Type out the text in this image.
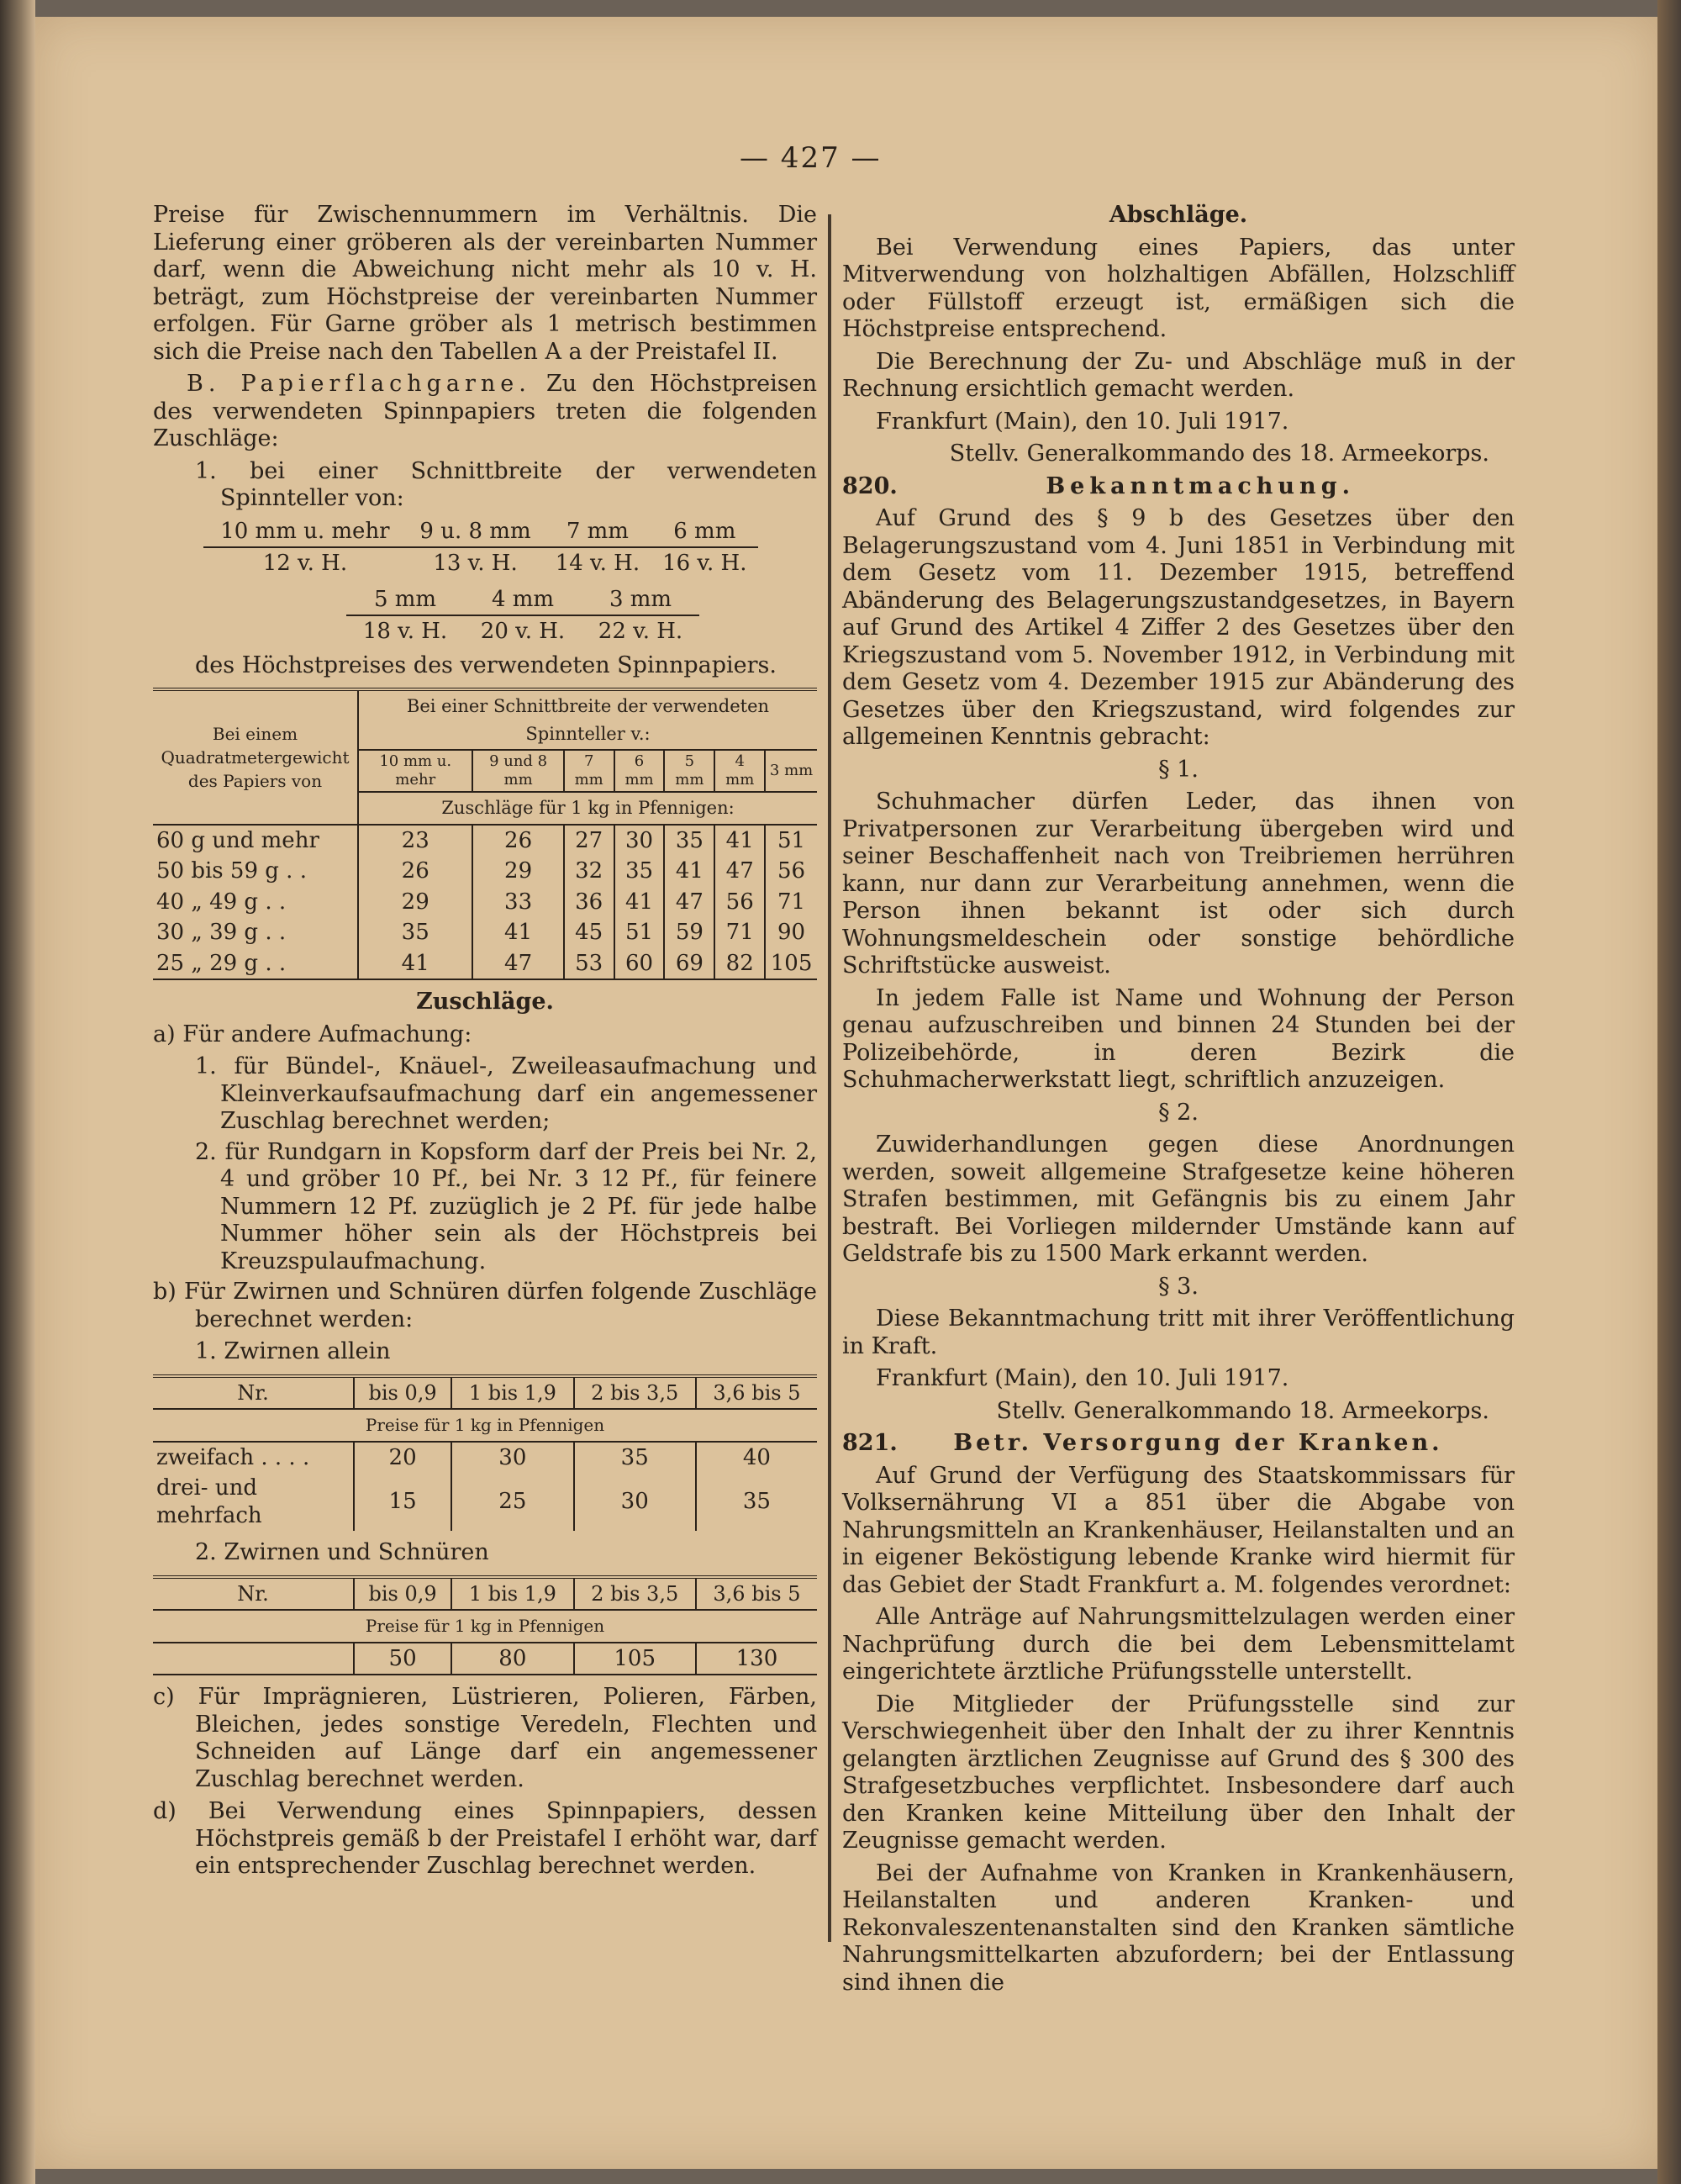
— 427 —

Preise für Zwischennummern im Verhältnis. Die Lieferung einer gröberen als der vereinbarten Nummer darf, wenn die Abweichung nicht mehr als 10 v. H. beträgt, zum Höchstpreise der vereinbarten Nummer erfolgen. Für Garne gröber als 1 metrisch bestimmen sich die Preise nach den Tabellen A a der Preistafel II.

B. Papierflachgarne. Zu den Höchstpreisen des verwendeten Spinnpapiers treten die folgenden Zuschläge:

1. bei einer Schnittbreite der verwendeten Spinnteller von:

10 mm u. mehr	9 u. 8 mm	7 mm	6 mm
12 v. H.	13 v. H.	14 v. H.	16 v. H.
5 mm	4 mm	3 mm
18 v. H.	20 v. H.	22 v. H.

des Höchstpreises des verwendeten Spinnpapiers.

Bei einem Quadratmetergewicht des Papiers von	Bei einer Schnittbreite der verwendeten Spinnteller v.:						
	10 mm u. mehr	9 und 8 mm	7 mm	6 mm	5 mm	4 mm	3 mm
	Zuschläge für 1 kg in Pfennigen:						
60 g und mehr	23	26	27	30	35	41	51
50 bis 59 g . .	26	29	32	35	41	47	56
40 „ 49 g . .	29	33	36	41	47	56	71
30 „ 39 g . .	35	41	45	51	59	71	90
25 „ 29 g . .	41	47	53	60	69	82	105
Zuschläge.

a) Für andere Aufmachung:

1. für Bündel-, Knäuel-, Zweileasaufmachung und Kleinverkaufsaufmachung darf ein angemessener Zuschlag berechnet werden;

2. für Rundgarn in Kopsform darf der Preis bei Nr. 2, 4 und gröber 10 Pf., bei Nr. 3 12 Pf., für feinere Nummern 12 Pf. zuzüglich je 2 Pf. für jede halbe Nummer höher sein als der Höchstpreis bei Kreuzspulaufmachung.

b) Für Zwirnen und Schnüren dürfen folgende Zuschläge berechnet werden:

1. Zwirnen allein

Nr.	bis 0,9	1 bis 1,9	2 bis 3,5	3,6 bis 5
Preise für 1 kg in Pfennigen				
zweifach . . . .	20	30	35	40
drei- und mehrfach	15	25	30	35

2. Zwirnen und Schnüren

Nr.	bis 0,9	1 bis 1,9	2 bis 3,5	3,6 bis 5
Preise für 1 kg in Pfennigen				
	50	80	105	130

c) Für Imprägnieren, Lüstrieren, Polieren, Färben, Bleichen, jedes sonstige Veredeln, Flechten und Schneiden auf Länge darf ein angemessener Zuschlag berechnet werden.

d) Bei Verwendung eines Spinnpapiers, dessen Höchstpreis gemäß b der Preistafel I erhöht war, darf ein entsprechender Zuschlag berechnet werden.

Abschläge.

Bei Verwendung eines Papiers, das unter Mitverwendung von holzhaltigen Abfällen, Holzschliff oder Füllstoff erzeugt ist, ermäßigen sich die Höchstpreise entsprechend.

Die Berechnung der Zu- und Abschläge muß in der Rechnung ersichtlich gemacht werden.

Frankfurt (Main), den 10. Juli 1917.

Stellv. Generalkommando des 18. Armeekorps.

820.	Bekanntmachung.

Auf Grund des § 9 b des Gesetzes über den Belagerungszustand vom 4. Juni 1851 in Verbindung mit dem Gesetz vom 11. Dezember 1915, betreffend Abänderung des Belagerungszustandgesetzes, in Bayern auf Grund des Artikel 4 Ziffer 2 des Gesetzes über den Kriegszustand vom 5. November 1912, in Verbindung mit dem Gesetz vom 4. Dezember 1915 zur Abänderung des Gesetzes über den Kriegszustand, wird folgendes zur allgemeinen Kenntnis gebracht:

§ 1.

Schuhmacher dürfen Leder, das ihnen von Privatpersonen zur Verarbeitung übergeben wird und seiner Beschaffenheit nach von Treibriemen herrühren kann, nur dann zur Verarbeitung annehmen, wenn die Person ihnen bekannt ist oder sich durch Wohnungsmeldeschein oder sonstige behördliche Schriftstücke ausweist.

In jedem Falle ist Name und Wohnung der Person genau aufzuschreiben und binnen 24 Stunden bei der Polizeibehörde, in deren Bezirk die Schuhmacherwerkstatt liegt, schriftlich anzuzeigen.

§ 2.

Zuwiderhandlungen gegen diese Anordnungen werden, soweit allgemeine Strafgesetze keine höheren Strafen bestimmen, mit Gefängnis bis zu einem Jahr bestraft. Bei Vorliegen mildernder Umstände kann auf Geldstrafe bis zu 1500 Mark erkannt werden.

§ 3.

Diese Bekanntmachung tritt mit ihrer Veröffentlichung in Kraft.

Frankfurt (Main), den 10. Juli 1917.

Stellv. Generalkommando 18. Armeekorps.

821. Betr. Versorgung der Kranken.

Auf Grund der Verfügung des Staatskommissars für Volksernährung VI a 851 über die Abgabe von Nahrungsmitteln an Krankenhäuser, Heilanstalten und an in eigener Beköstigung lebende Kranke wird hiermit für das Gebiet der Stadt Frankfurt a. M. folgendes verordnet:

Alle Anträge auf Nahrungsmittelzulagen werden einer Nachprüfung durch die bei dem Lebensmittelamt eingerichtete ärztliche Prüfungsstelle unterstellt.

Die Mitglieder der Prüfungsstelle sind zur Verschwiegenheit über den Inhalt der zu ihrer Kenntnis gelangten ärztlichen Zeugnisse auf Grund des § 300 des Strafgesetzbuches verpflichtet. Insbesondere darf auch den Kranken keine Mitteilung über den Inhalt der Zeugnisse gemacht werden.

Bei der Aufnahme von Kranken in Krankenhäusern, Heilanstalten und anderen Kranken- und Rekonvaleszentenanstalten sind den Kranken sämtliche Nahrungsmittelkarten abzufordern; bei der Entlassung sind ihnen die
